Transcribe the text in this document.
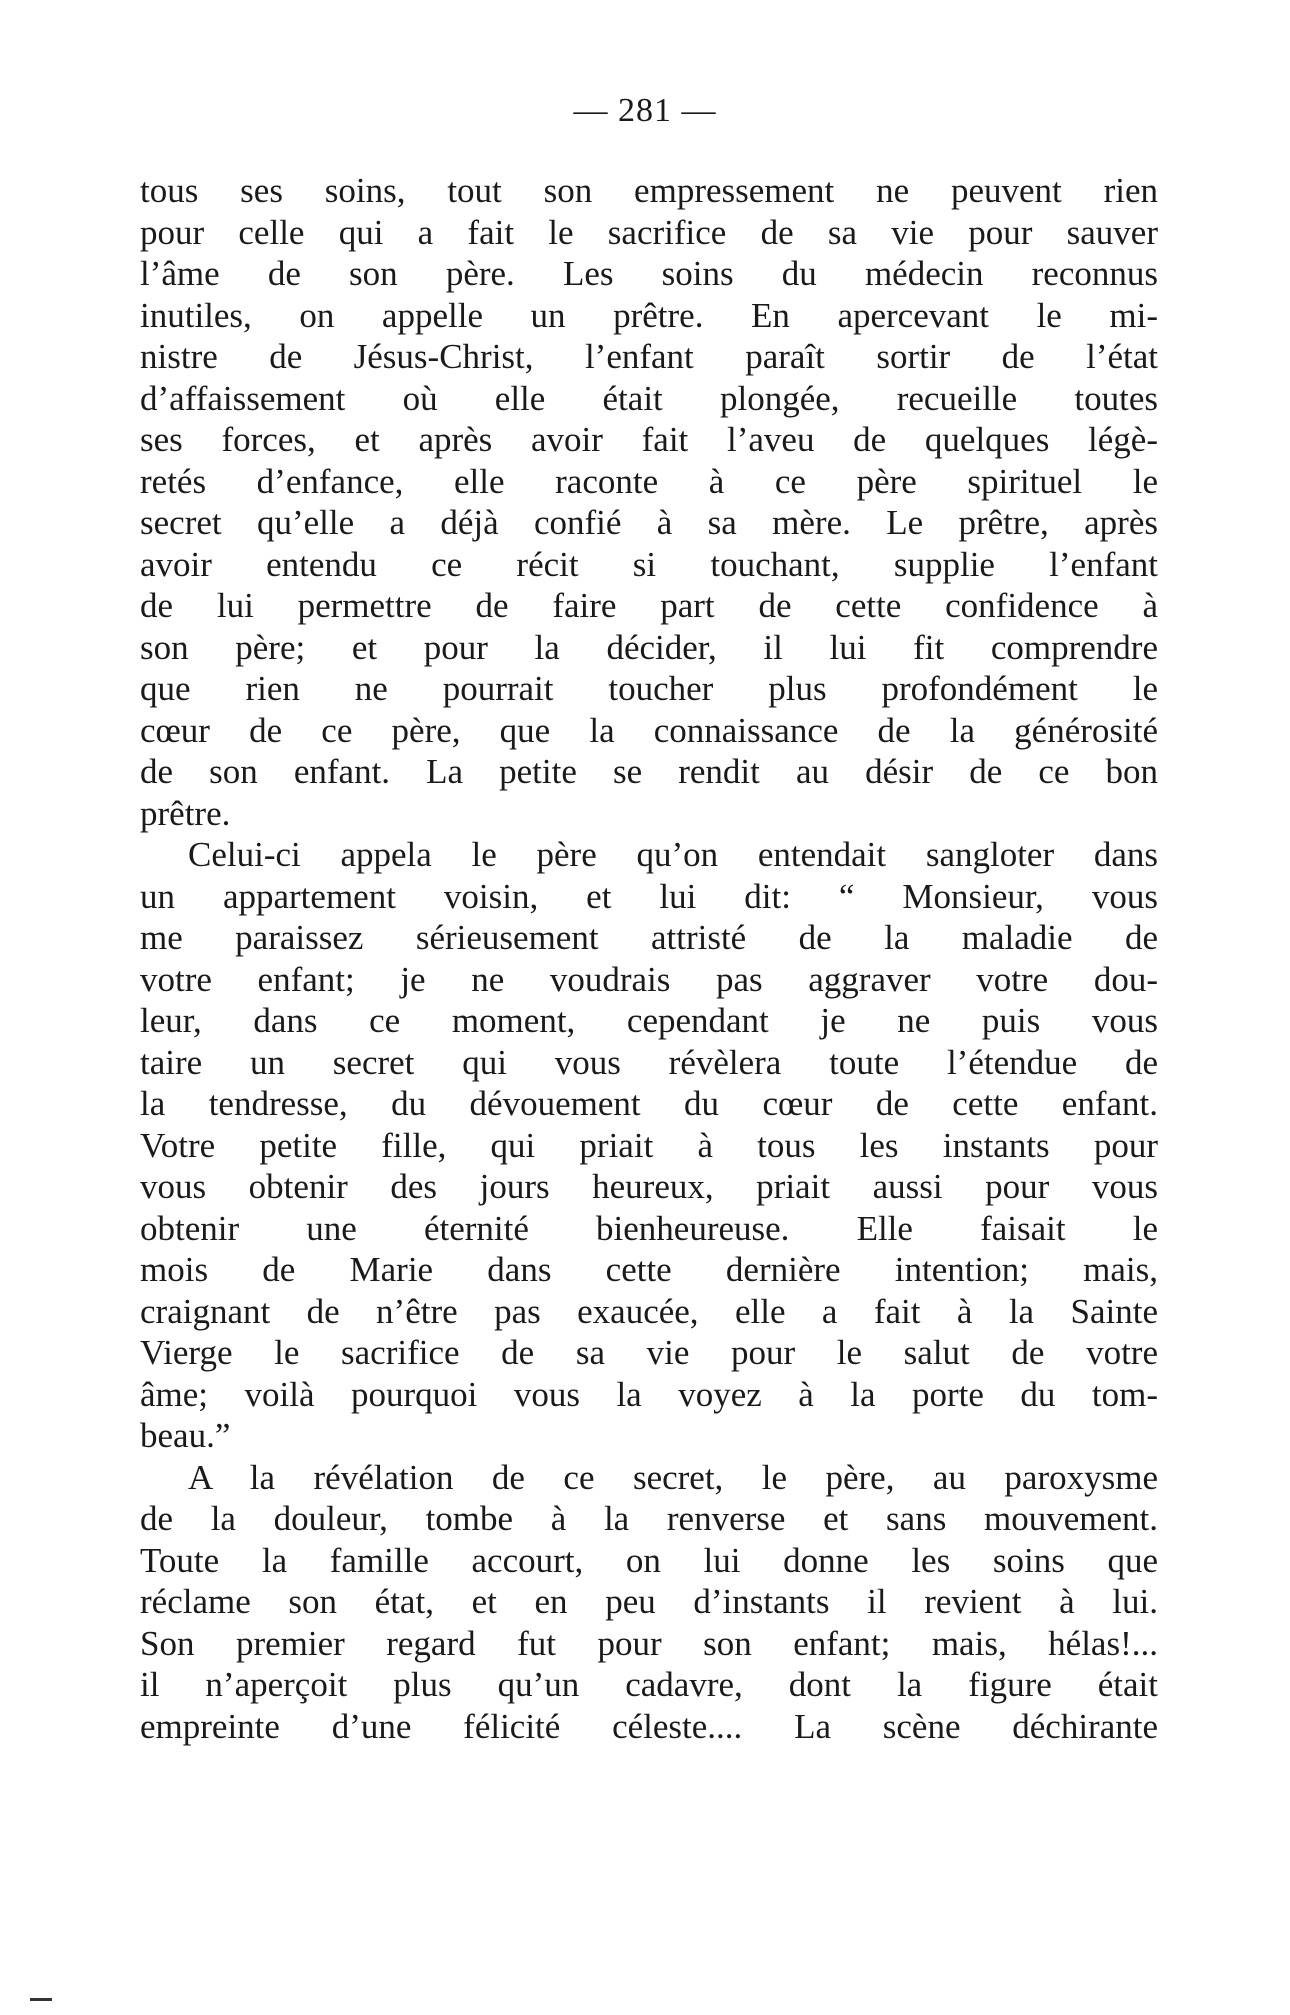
— 281 —
tous ses soins, tout son empressement ne peuvent rien
pour celle qui a fait le sacrifice de sa vie pour sauver
l’âme de son père. Les soins du médecin reconnus
inutiles, on appelle un prêtre. En apercevant le mi-
nistre de Jésus-Christ, l’enfant paraît sortir de l’état
d’affaissement où elle était plongée, recueille toutes
ses forces, et après avoir fait l’aveu de quelques légè-
retés d’enfance, elle raconte à ce père spirituel le
secret qu’elle a déjà confié à sa mère. Le prêtre, après
avoir entendu ce récit si touchant, supplie l’enfant
de lui permettre de faire part de cette confidence à
son père; et pour la décider, il lui fit comprendre
que rien ne pourrait toucher plus profondément le
cœur de ce père, que la connaissance de la générosité
de son enfant. La petite se rendit au désir de ce bon
prêtre.
Celui-ci appela le père qu’on entendait sangloter dans
un appartement voisin, et lui dit: “ Monsieur, vous
me paraissez sérieusement attristé de la maladie de
votre enfant; je ne voudrais pas aggraver votre dou-
leur, dans ce moment, cependant je ne puis vous
taire un secret qui vous révèlera toute l’étendue de
la tendresse, du dévouement du cœur de cette enfant.
Votre petite fille, qui priait à tous les instants pour
vous obtenir des jours heureux, priait aussi pour vous
obtenir une éternité bienheureuse. Elle faisait le
mois de Marie dans cette dernière intention; mais,
craignant de n’être pas exaucée, elle a fait à la Sainte
Vierge le sacrifice de sa vie pour le salut de votre
âme; voilà pourquoi vous la voyez à la porte du tom-
beau.”
A la révélation de ce secret, le père, au paroxysme
de la douleur, tombe à la renverse et sans mouvement.
Toute la famille accourt, on lui donne les soins que
réclame son état, et en peu d’instants il revient à lui.
Son premier regard fut pour son enfant; mais, hélas!...
il n’aperçoit plus qu’un cadavre, dont la figure était
empreinte d’une félicité céleste.... La scène déchirante
